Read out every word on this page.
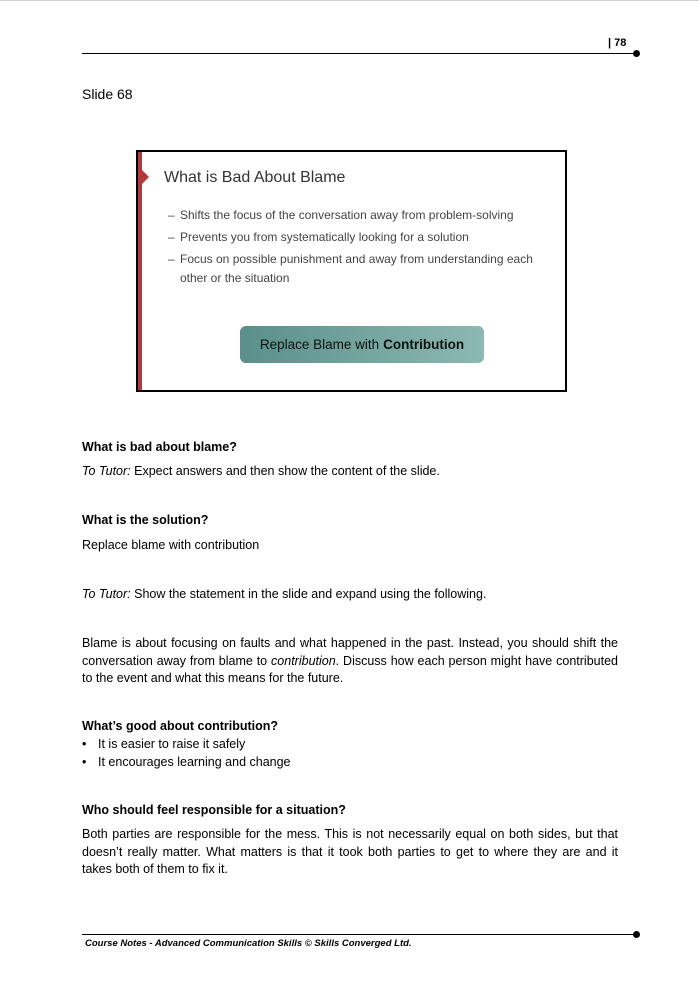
| 78
Slide 68
What is Bad About Blame
– Shifts the focus of the conversation away from problem-solving
– Prevents you from systematically looking for a solution
– Focus on possible punishment and away from understanding each other or the situation
Replace Blame with Contribution
What is bad about blame?
To Tutor: Expect answers and then show the content of the slide.
What is the solution?
Replace blame with contribution
To Tutor: Show the statement in the slide and expand using the following.
Blame is about focusing on faults and what happened in the past. Instead, you should shift the conversation away from blame to contribution. Discuss how each person might have contributed to the event and what this means for the future.
What’s good about contribution?
• It is easier to raise it safely
• It encourages learning and change
Who should feel responsible for a situation?
Both parties are responsible for the mess. This is not necessarily equal on both sides, but that doesn’t really matter. What matters is that it took both parties to get to where they are and it takes both of them to fix it.
Course Notes - Advanced Communication Skills © Skills Converged Ltd.
